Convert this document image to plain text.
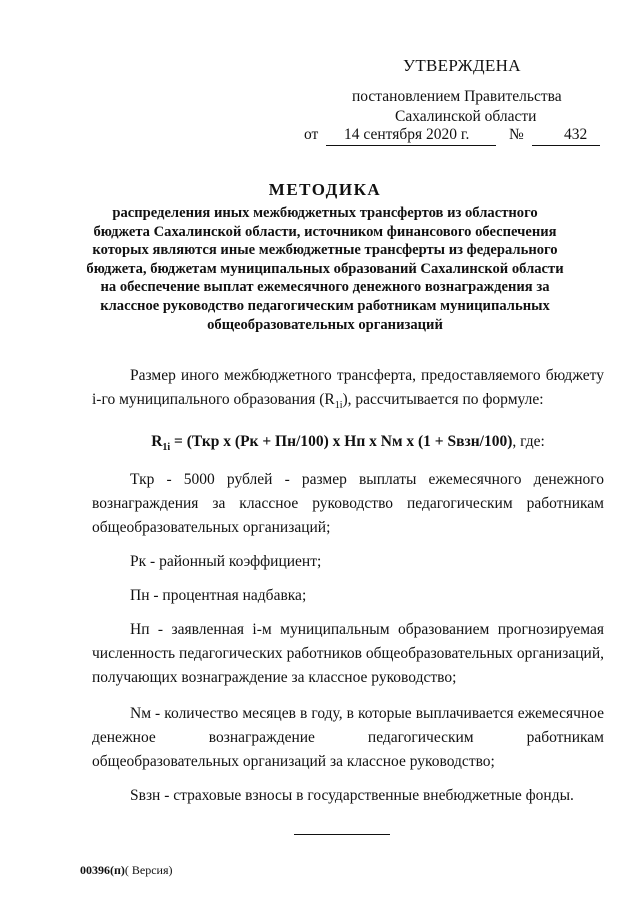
УТВЕРЖДЕНА
постановлением Правительства
Сахалинской области
от 14 сентября 2020 г.	№	432
МЕТОДИКА
распределения иных межбюджетных трансфертов из областного
бюджета Сахалинской области, источником финансового обеспечения
которых являются иные межбюджетные трансферты из федерального
бюджета, бюджетам муниципальных образований Сахалинской области
на обеспечение выплат ежемесячного денежного вознаграждения за
классное руководство педагогическим работникам муниципальных
общеобразовательных организаций

Размер иного межбюджетного трансферта, предоставляемого бюджету i-го муниципального образования $(R_{1i})$, рассчитывается по формуле:

$R_{1i} = (Ткр$ х (Рк + Пн/100) х Нп х Nм х (1 + Sвзн/100), где:

Ткр - 5000 рублей - размер выплаты ежемесячного денежного вознаграждения за классное руководство педагогическим работникам общеобразовательных организаций;

Рк - районный коэффициент;

Пн - процентная надбавка;

Нп - заявленная i-м муниципальным образованием прогнозируемая численность педагогических работников общеобразовательных организаций, получающих вознаграждение за классное руководство;

Nм - количество месяцев в году, в которые выплачивается ежемесячное денежное вознаграждение педагогическим работникам общеобразовательных организаций за классное руководство;

Sвзн - страховые взносы в государственные внебюджетные фонды.

00396(п)( Версия)
